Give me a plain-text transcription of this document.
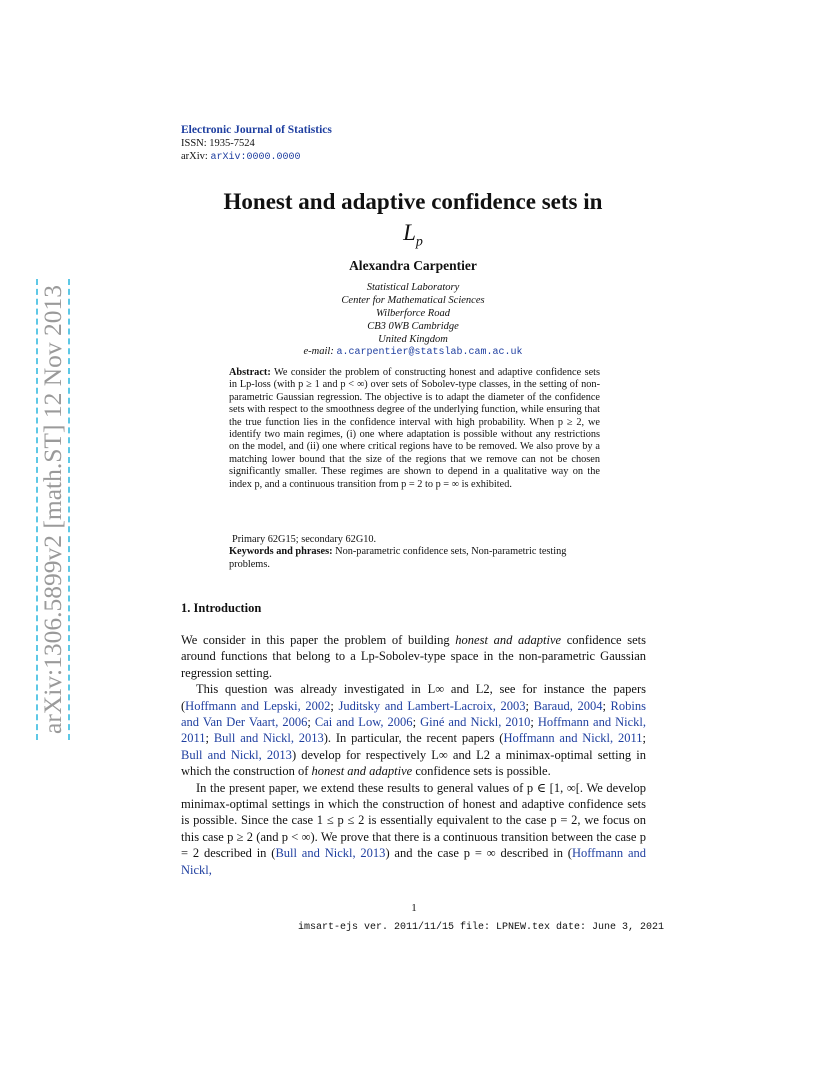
arXiv:1306.5899v2 [math.ST] 12 Nov 2013
Electronic Journal of Statistics
ISSN: 1935-7524
arXiv: arXiv:0000.0000
Honest and adaptive confidence sets in
$L_p$
Alexandra Carpentier
Statistical Laboratory
Center for Mathematical Sciences
Wilberforce Road
CB3 0WB Cambridge
United Kingdom
e-mail: a.carpentier@statslab.cam.ac.uk
Abstract: We consider the problem of constructing honest and adaptive confidence sets in Lp-loss (with p ≥ 1 and p < ∞) over sets of Sobolev-type classes, in the setting of non-parametric Gaussian regression. The objective is to adapt the diameter of the confidence sets with respect to the smoothness degree of the underlying function, while ensuring that the true function lies in the confidence interval with high probability. When p ≥ 2, we identify two main regimes, (i) one where adaptation is possible without any restrictions on the model, and (ii) one where critical regions have to be removed. We also prove by a matching lower bound that the size of the regions that we remove can not be chosen significantly smaller. These regimes are shown to depend in a qualitative way on the index p, and a continuous transition from p = 2 to p = ∞ is exhibited.
Primary 62G15; secondary 62G10.
Keywords and phrases: Non-parametric confidence sets, Non-parametric testing problems.
1. Introduction

We consider in this paper the problem of building honest and adaptive confidence sets around functions that belong to a Lp-Sobolev-type space in the non-parametric Gaussian regression setting.

This question was already investigated in L∞ and L2, see for instance the papers (Hoffmann and Lepski, 2002; Juditsky and Lambert-Lacroix, 2003; Baraud, 2004; Robins and Van Der Vaart, 2006; Cai and Low, 2006; Giné and Nickl, 2010; Hoffmann and Nickl, 2011; Bull and Nickl, 2013). In particular, the recent papers (Hoffmann and Nickl, 2011; Bull and Nickl, 2013) develop for respectively L∞ and L2 a minimax-optimal setting in which the construction of honest and adaptive confidence sets is possible.

In the present paper, we extend these results to general values of p ∈ [1, ∞[. We develop minimax-optimal settings in which the construction of honest and adaptive confidence sets is possible. Since the case 1 ≤ p ≤ 2 is essentially equivalent to the case p = 2, we focus on this case p ≥ 2 (and p < ∞). We prove that there is a continuous transition between the case p = 2 described in (Bull and Nickl, 2013) and the case p = ∞ described in (Hoffmann and Nickl,

1
imsart-ejs ver. 2011/11/15 file: LPNEW.tex date: June 3, 2021
